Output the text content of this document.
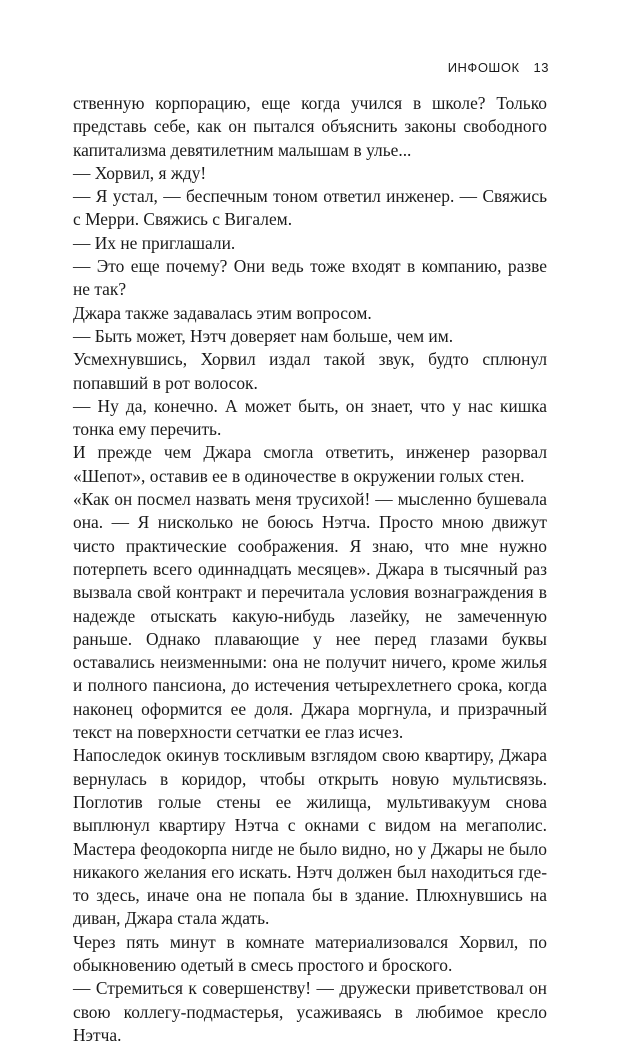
ИНФОШОК 13

ственную корпорацию, еще когда учился в школе? Только представь себе, как он пытался объяснить законы свободного капитализма девятилетним малышам в улье...

— Хорвил, я жду!

— Я устал, — беспечным тоном ответил инженер. — Свяжись с Мерри. Свяжись с Вигалем.

— Их не приглашали.

— Это еще почему? Они ведь тоже входят в компанию, разве не так?

Джара также задавалась этим вопросом.

— Быть может, Нэтч доверяет нам больше, чем им.

Усмехнувшись, Хорвил издал такой звук, будто сплюнул попавший в рот волосок.

— Ну да, конечно. А может быть, он знает, что у нас кишка тонка ему перечить.

И прежде чем Джара смогла ответить, инженер разорвал «Шепот», оставив ее в одиночестве в окружении голых стен.

«Как он посмел назвать меня трусихой! — мысленно бушевала она. — Я нисколько не боюсь Нэтча. Просто мною движут чисто практические соображения. Я знаю, что мне нужно потерпеть всего одиннадцать месяцев». Джара в тысячный раз вызвала свой контракт и перечитала условия вознаграждения в надежде отыскать какую-нибудь лазейку, не замеченную раньше. Однако плавающие у нее перед глазами буквы оставались неизменными: она не получит ничего, кроме жилья и полного пансиона, до истечения четырехлетнего срока, когда наконец оформится ее доля. Джара моргнула, и призрачный текст на поверхности сетчатки ее глаз исчез.

Напоследок окинув тоскливым взглядом свою квартиру, Джара вернулась в коридор, чтобы открыть новую мультисвязь. Поглотив голые стены ее жилища, мультивакуум снова выплюнул квартиру Нэтча с окнами с видом на мегаполис. Мастера феодокорпа нигде не было видно, но у Джары не было никакого желания его искать. Нэтч должен был находиться где-то здесь, иначе она не попала бы в здание. Плюхнувшись на диван, Джара стала ждать.

Через пять минут в комнате материализовался Хорвил, по обыкновению одетый в смесь простого и броского.

— Стремиться к совершенству! — дружески приветствовал он свою коллегу-подмастерья, усаживаясь в любимое кресло Нэтча.
